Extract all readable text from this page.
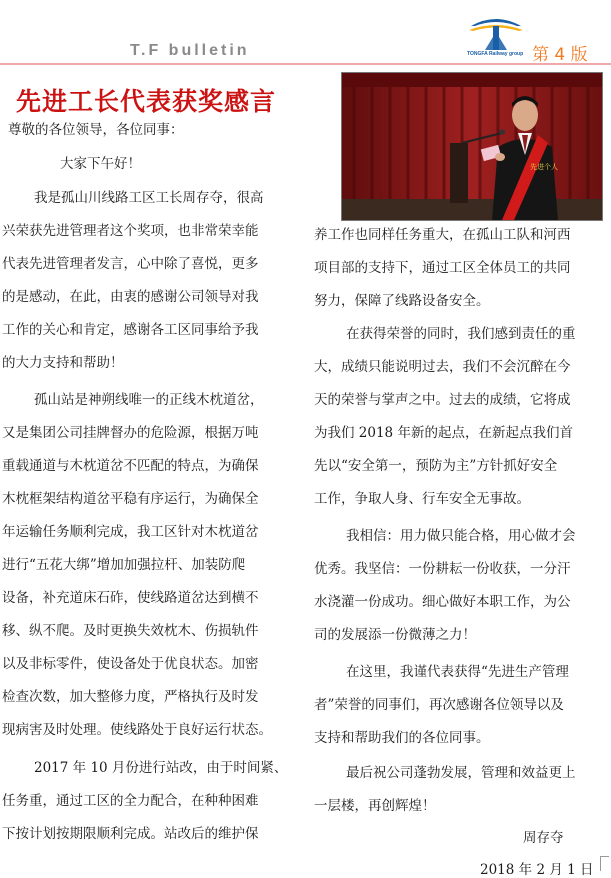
T.F bulletin	TONGFA Railway group 第 4 版
先进工长代表获奖感言
先进个人
尊敬的各位领导，各位同事：
大家下午好！
我是孤山川线路工区工长周存夺，很高
兴荣获先进管理者这个奖项，也非常荣幸能
代表先进管理者发言，心中除了喜悦，更多
的是感动，在此，由衷的感谢公司领导对我
工作的关心和肯定，感谢各工区同事给予我
的大力支持和帮助！
孤山站是神朔线唯一的正线木枕道岔，
又是集团公司挂牌督办的危险源，根据万吨
重载通道与木枕道岔不匹配的特点，为确保
木枕框架结构道岔平稳有序运行，为确保全
年运输任务顺利完成，我工区针对木枕道岔
进行“五花大绑”增加加强拉杆、加装防爬
设备，补充道床石砟，使线路道岔达到横不
移、纵不爬。及时更换失效枕木、伤损轨件
以及非标零件，使设备处于优良状态。加密
检查次数，加大整修力度，严格执行及时发
现病害及时处理。使线路处于良好运行状态。
2017 年 10 月份进行站改，由于时间紧、
任务重，通过工区的全力配合，在种种困难
下按计划按期限顺利完成。站改后的维护保
养工作也同样任务重大，在孤山工队和河西
项目部的支持下，通过工区全体员工的共同
努力，保障了线路设备安全。
在获得荣誉的同时，我们感到责任的重
大，成绩只能说明过去，我们不会沉醉在今
天的荣誉与掌声之中。过去的成绩，它将成
为我们 2018 年新的起点，在新起点我们首
先以“安全第一，预防为主”方针抓好安全
工作，争取人身、行车安全无事故。
我相信：用力做只能合格，用心做才会
优秀。我坚信：一份耕耘一份收获，一分汗
水浇灌一份成功。细心做好本职工作，为公
司的发展添一份微薄之力！
在这里，我谨代表获得“先进生产管理
者”荣誉的同事们，再次感谢各位领导以及
支持和帮助我们的各位同事。
最后祝公司蓬勃发展，管理和效益更上
一层楼，再创辉煌！
周存夺
2018 年 2 月 1 日
